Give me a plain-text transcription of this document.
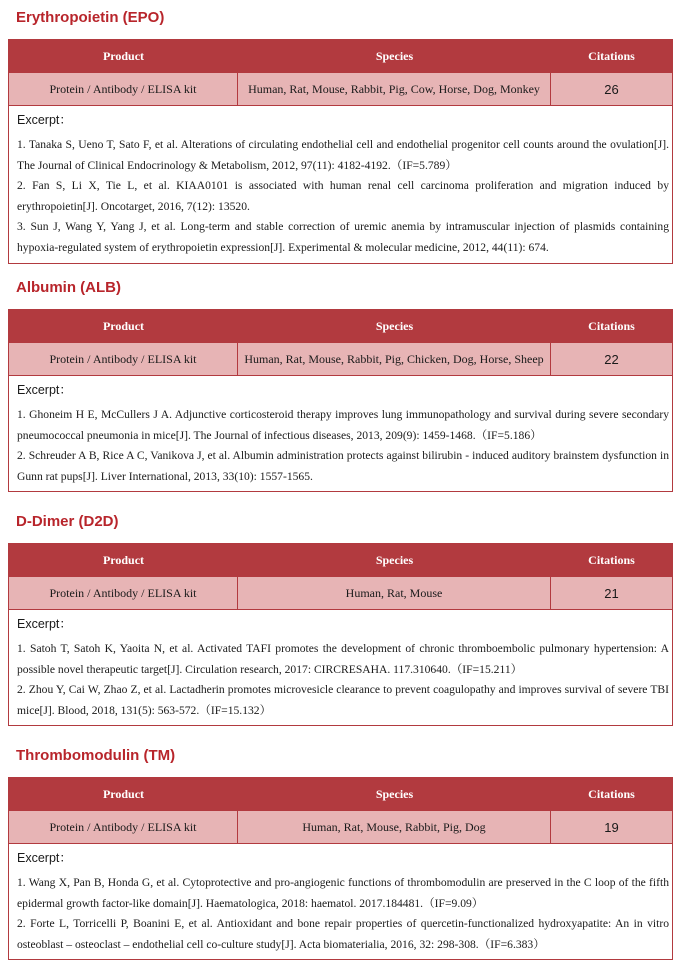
Erythropoietin (EPO)
Product	Species	Citations
Protein / Antibody / ELISA kit	Human, Rat, Mouse, Rabbit, Pig, Cow, Horse, Dog, Monkey	26

Excerpt：

1. Tanaka S, Ueno T, Sato F, et al. Alterations of circulating endothelial cell and endothelial progenitor cell counts around the ovulation[J]. The Journal of Clinical Endocrinology & Metabolism, 2012, 97(11): 4182-4192.（IF=5.789）
2. Fan S, Li X, Tie L, et al. KIAA0101 is associated with human renal cell carcinoma proliferation and migration induced by erythropoietin[J]. Oncotarget, 2016, 7(12): 13520.
3. Sun J, Wang Y, Yang J, et al. Long-term and stable correction of uremic anemia by intramuscular injection of plasmids containing hypoxia-regulated system of erythropoietin expression[J]. Experimental & molecular medicine, 2012, 44(11): 674.
Albumin (ALB)
Product	Species	Citations
Protein / Antibody / ELISA kit	Human, Rat, Mouse, Rabbit, Pig, Chicken, Dog, Horse, Sheep	22

Excerpt：

1. Ghoneim H E, McCullers J A. Adjunctive corticosteroid therapy improves lung immunopathology and survival during severe secondary pneumococcal pneumonia in mice[J]. The Journal of infectious diseases, 2013, 209(9): 1459-1468.（IF=5.186）
2. Schreuder A B, Rice A C, Vanikova J, et al. Albumin administration protects against bilirubin - induced auditory brainstem dysfunction in Gunn rat pups[J]. Liver International, 2013, 33(10): 1557-1565.
D-Dimer (D2D)
Product	Species	Citations
Protein / Antibody / ELISA kit	Human, Rat, Mouse	21

Excerpt：

1. Satoh T, Satoh K, Yaoita N, et al. Activated TAFI promotes the development of chronic thromboembolic pulmonary hypertension: A possible novel therapeutic target[J]. Circulation research, 2017: CIRCRESAHA. 117.310640.（IF=15.211）
2. Zhou Y, Cai W, Zhao Z, et al. Lactadherin promotes microvesicle clearance to prevent coagulopathy and improves survival of severe TBI mice[J]. Blood, 2018, 131(5): 563-572.（IF=15.132）
Thrombomodulin (TM)
Product	Species	Citations
Protein / Antibody / ELISA kit	Human, Rat, Mouse, Rabbit, Pig, Dog	19

Excerpt：

1. Wang X, Pan B, Honda G, et al. Cytoprotective and pro-angiogenic functions of thrombomodulin are preserved in the C loop of the fifth epidermal growth factor-like domain[J]. Haematologica, 2018: haematol. 2017.184481.（IF=9.09）
2. Forte L, Torricelli P, Boanini E, et al. Antioxidant and bone repair properties of quercetin-functionalized hydroxyapatite: An in vitro osteoblast – osteoclast – endothelial cell co-culture study[J]. Acta biomaterialia, 2016, 32: 298-308.（IF=6.383）
